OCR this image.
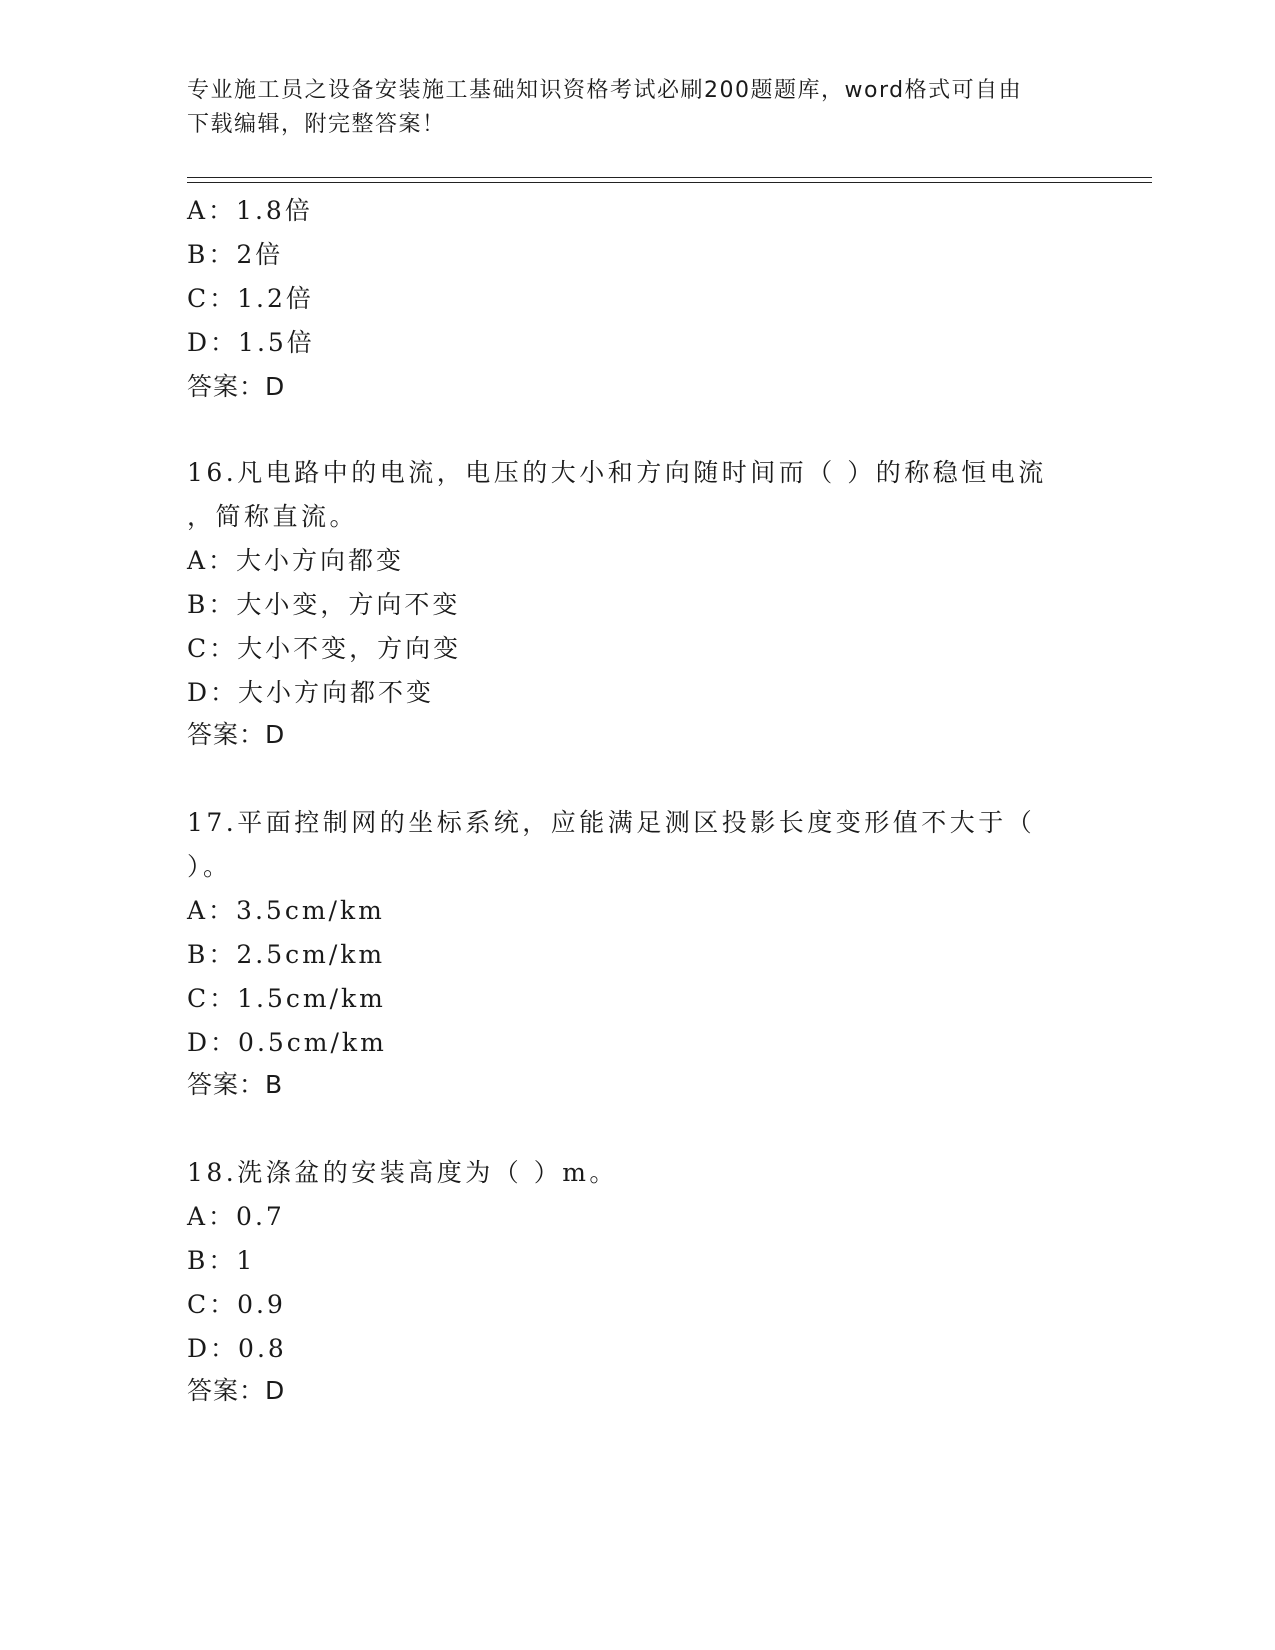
专业施工员之设备安装施工基础知识资格考试必刷200题题库，word格式可自由
下载编辑，附完整答案！
A：1.8倍
B：2倍
C：1.2倍
D：1.5倍
答案：D
16.凡电路中的电流，电压的大小和方向随时间而（ ）的称稳恒电流
，简称直流。
A：大小方向都变
B：大小变，方向不变
C：大小不变，方向变
D：大小方向都不变
答案：D
17.平面控制网的坐标系统，应能满足测区投影长度变形值不大于（
）。
A：3.5cm/km
B：2.5cm/km
C：1.5cm/km
D：0.5cm/km
答案：B
18.洗涤盆的安装高度为（ ）m。
A：0.7
B：1
C：0.9
D：0.8
答案：D
